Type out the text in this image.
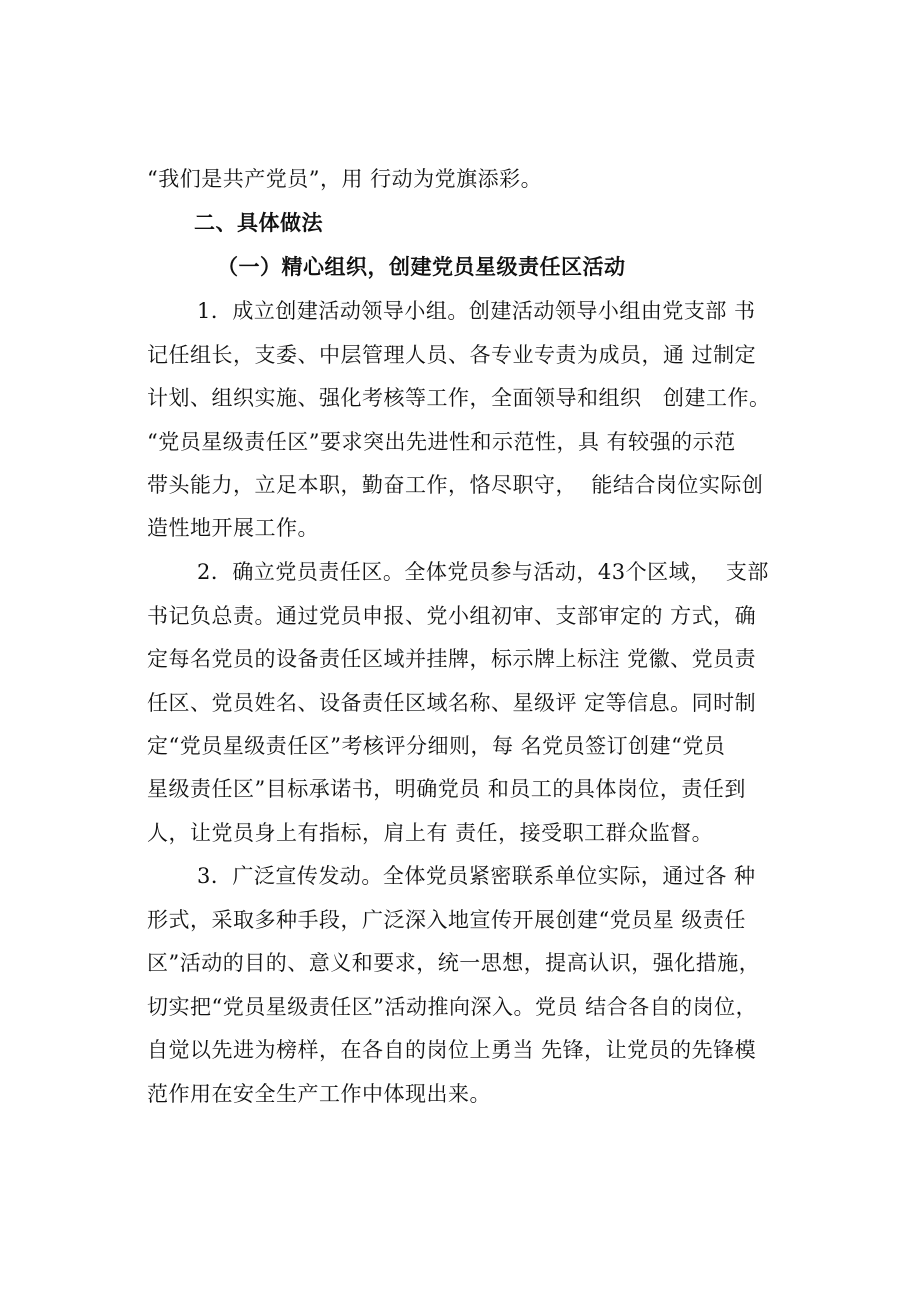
“我们是共产党员”，用 行动为党旗添彩。
二、具体做法
（一）精心组织，创建党员星级责任区活动
1．成立创建活动领导小组。创建活动领导小组由党支部 书
记任组长，支委、中层管理人员、各专业专责为成员，通 过制定
计划、组织实施、强化考核等工作，全面领导和组织   创建工作。
“党员星级责任区”要求突出先进性和示范性，具 有较强的示范
带头能力，立足本职，勤奋工作，恪尽职守，  能结合岗位实际创
造性地开展工作。
2．确立党员责任区。全体党员参与活动，43个区域，  支部
书记负总责。通过党员申报、党小组初审、支部审定的 方式，确
定每名党员的设备责任区域并挂牌，标示牌上标注 党徽、党员责
任区、党员姓名、设备责任区域名称、星级评 定等信息。同时制
定“党员星级责任区”考核评分细则，每 名党员签订创建“党员
星级责任区”目标承诺书，明确党员 和员工的具体岗位，责任到
人，让党员身上有指标，肩上有 责任，接受职工群众监督。
3．广泛宣传发动。全体党员紧密联系单位实际，通过各 种
形式，采取多种手段，广泛深入地宣传开展创建“党员星 级责任
区”活动的目的、意义和要求，统一思想，提高认识，强化措施，
切实把“党员星级责任区”活动推向深入。党员 结合各自的岗位，
自觉以先进为榜样，在各自的岗位上勇当 先锋，让党员的先锋模
范作用在安全生产工作中体现出来。
